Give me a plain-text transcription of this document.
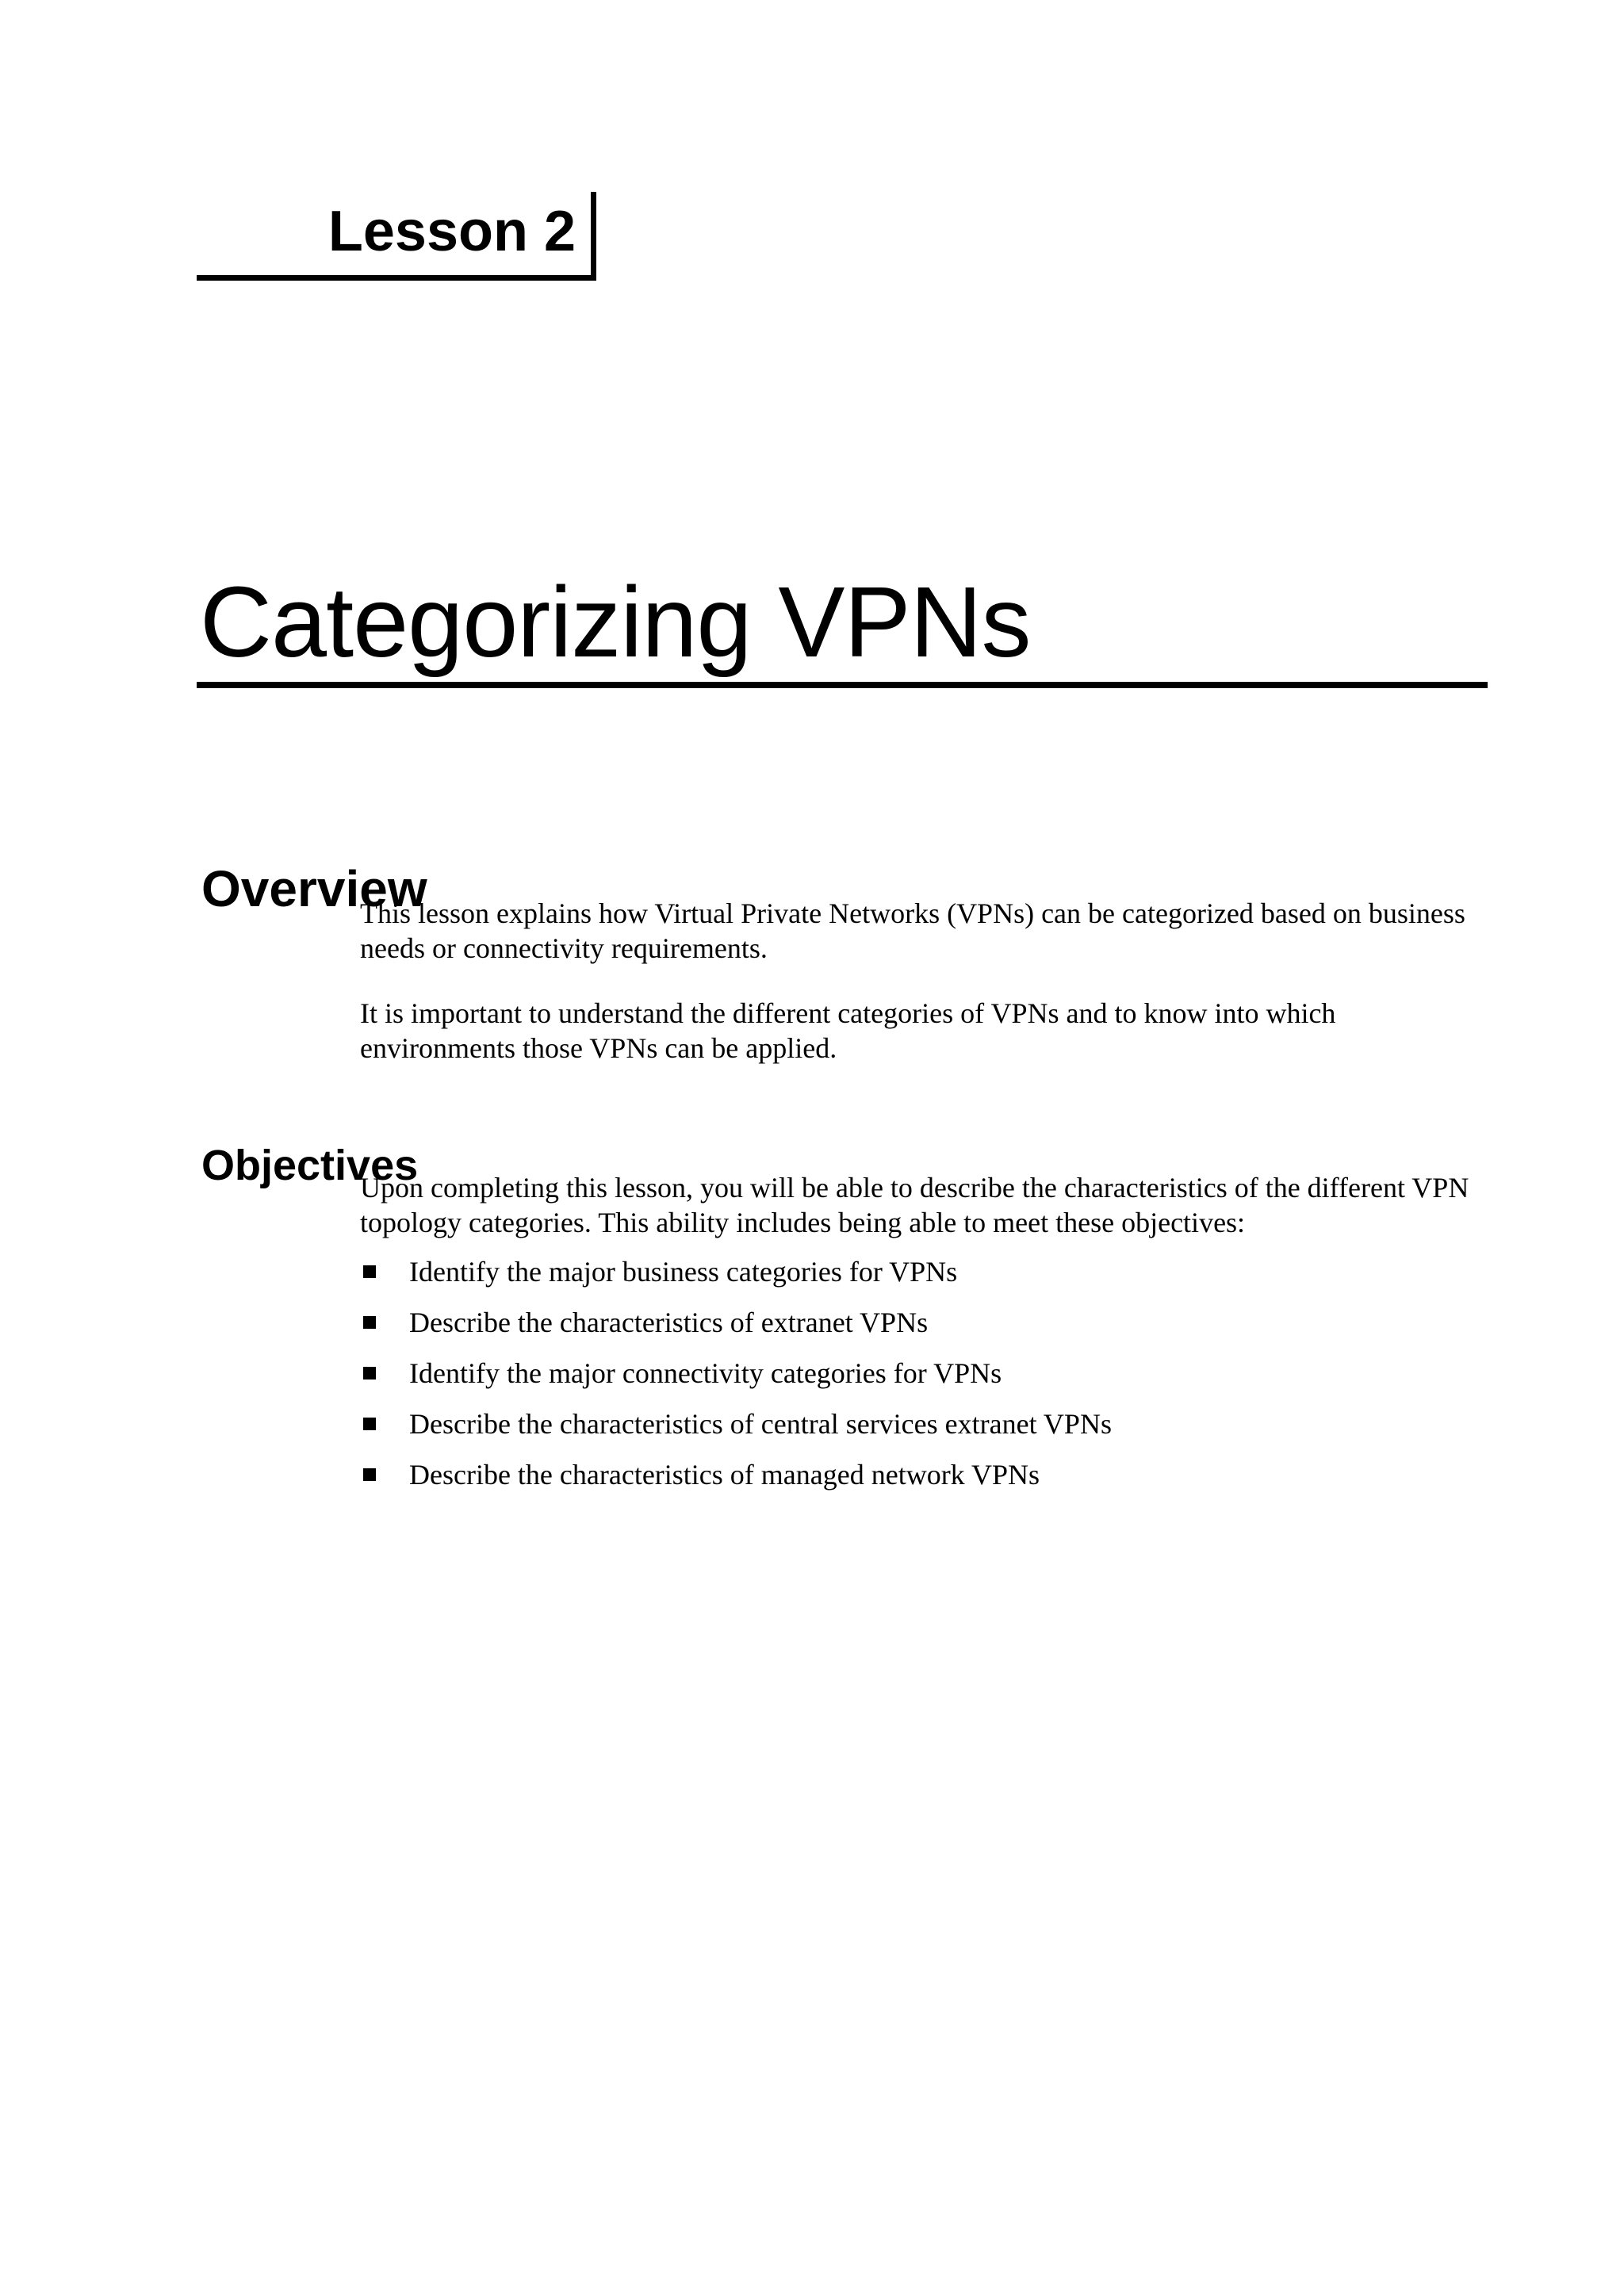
Lesson 2
Categorizing VPNs
Overview

This lesson explains how Virtual Private Networks (VPNs) can be categorized based on business needs or connectivity requirements.

It is important to understand the different categories of VPNs and to know into which environments those VPNs can be applied.

Objectives

Upon completing this lesson, you will be able to describe the characteristics of the different VPN topology categories. This ability includes being able to meet these objectives:

Identify the major business categories for VPNs
Describe the characteristics of extranet VPNs
Identify the major connectivity categories for VPNs
Describe the characteristics of central services extranet VPNs
Describe the characteristics of managed network VPNs
